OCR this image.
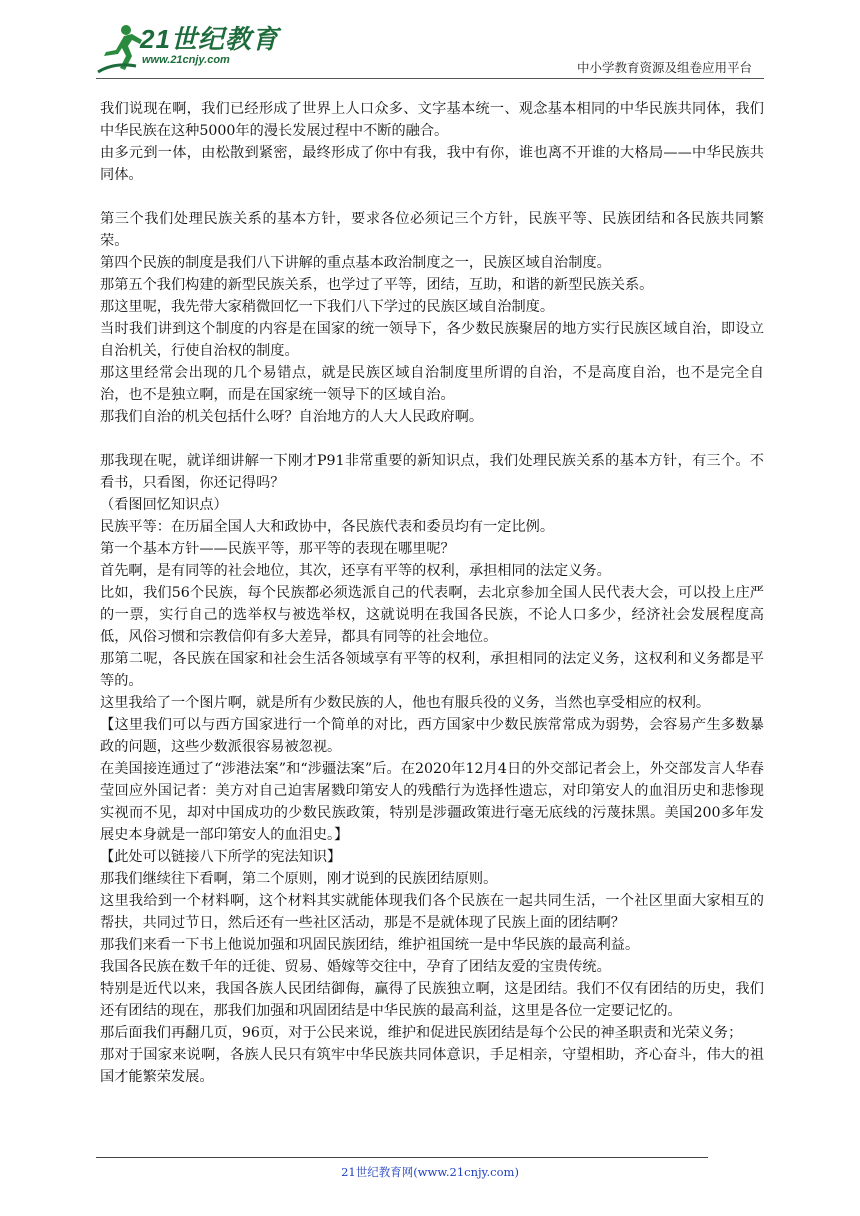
21世纪教育
www.21cnjy.com	中小学教育资源及组卷应用平台

我们说现在啊，我们已经形成了世界上人口众多、文字基本统一、观念基本相同的中华民族共同体，我们中华民族在这种5000年的漫长发展过程中不断的融合。

由多元到一体，由松散到紧密，最终形成了你中有我，我中有你，谁也离不开谁的大格局——中华民族共同体。

第三个我们处理民族关系的基本方针，要求各位必须记三个方针，民族平等、民族团结和各民族共同繁荣。

第四个民族的制度是我们八下讲解的重点基本政治制度之一，民族区域自治制度。

那第五个我们构建的新型民族关系，也学过了平等，团结，互助，和谐的新型民族关系。

那这里呢，我先带大家稍微回忆一下我们八下学过的民族区域自治制度。

当时我们讲到这个制度的内容是在国家的统一领导下，各少数民族聚居的地方实行民族区域自治，即设立自治机关，行使自治权的制度。

那这里经常会出现的几个易错点，就是民族区域自治制度里所谓的自治，不是高度自治，也不是完全自治，也不是独立啊，而是在国家统一领导下的区域自治。

那我们自治的机关包括什么呀？自治地方的人大人民政府啊。

那我现在呢，就详细讲解一下刚才P91非常重要的新知识点，我们处理民族关系的基本方针，有三个。不看书，只看图，你还记得吗？

（看图回忆知识点）

民族平等：在历届全国人大和政协中，各民族代表和委员均有一定比例。

第一个基本方针——民族平等，那平等的表现在哪里呢？

首先啊，是有同等的社会地位，其次，还享有平等的权利，承担相同的法定义务。

比如，我们56个民族，每个民族都必须选派自己的代表啊，去北京参加全国人民代表大会，可以投上庄严的一票，实行自己的选举权与被选举权，这就说明在我国各民族，不论人口多少，经济社会发展程度高低，风俗习惯和宗教信仰有多大差异，都具有同等的社会地位。

那第二呢，各民族在国家和社会生活各领域享有平等的权利，承担相同的法定义务，这权利和义务都是平等的。

这里我给了一个图片啊，就是所有少数民族的人，他也有服兵役的义务，当然也享受相应的权利。

【这里我们可以与西方国家进行一个简单的对比，西方国家中少数民族常常成为弱势，会容易产生多数暴政的问题，这些少数派很容易被忽视。

在美国接连通过了“涉港法案”和“涉疆法案”后。在2020年12月4日的外交部记者会上，外交部发言人华春莹回应外国记者：美方对自己迫害屠戮印第安人的残酷行为选择性遗忘，对印第安人的血泪历史和悲惨现实视而不见，却对中国成功的少数民族政策，特别是涉疆政策进行毫无底线的污蔑抹黑。美国200多年发展史本身就是一部印第安人的血泪史。】

【此处可以链接八下所学的宪法知识】

那我们继续往下看啊，第二个原则，刚才说到的民族团结原则。

这里我给到一个材料啊，这个材料其实就能体现我们各个民族在一起共同生活，一个社区里面大家相互的帮扶，共同过节日，然后还有一些社区活动，那是不是就体现了民族上面的团结啊？

那我们来看一下书上他说加强和巩固民族团结，维护祖国统一是中华民族的最高利益。

我国各民族在数千年的迁徙、贸易、婚嫁等交往中，孕育了团结友爱的宝贵传统。

特别是近代以来，我国各族人民团结御侮，赢得了民族独立啊，这是团结。我们不仅有团结的历史，我们还有团结的现在，那我们加强和巩固团结是中华民族的最高利益，这里是各位一定要记忆的。

那后面我们再翻几页，96页，对于公民来说，维护和促进民族团结是每个公民的神圣职责和光荣义务；

那对于国家来说啊，各族人民只有筑牢中华民族共同体意识，手足相亲，守望相助，齐心奋斗，伟大的祖国才能繁荣发展。

21世纪教育网(www.21cnjy.com)
